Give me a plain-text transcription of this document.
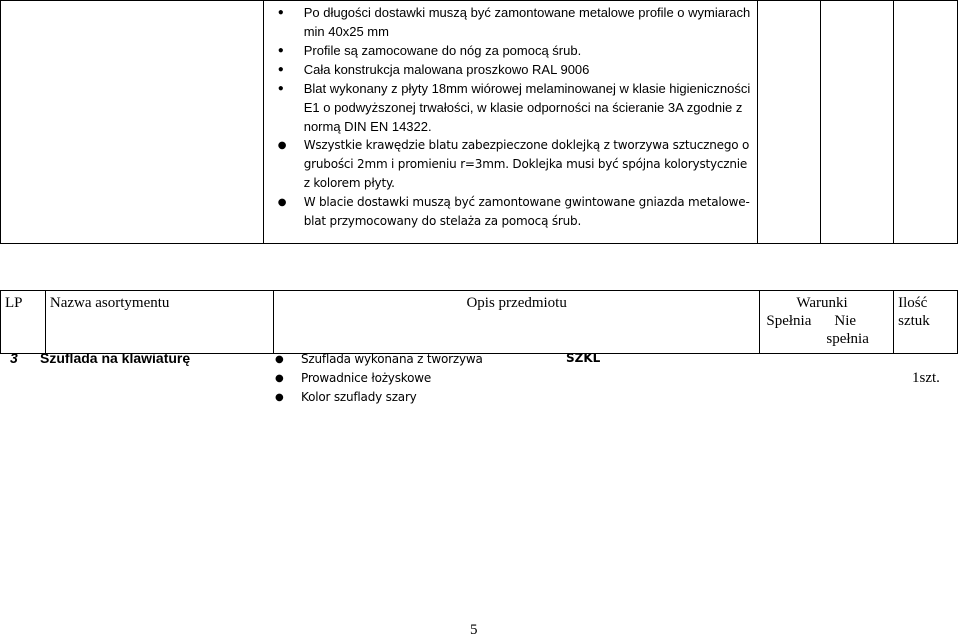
● Po długości dostawki muszą być zamontowane metalowe profile o wymiarach min 40x25 mm
● Profile są zamocowane do nóg za pomocą śrub.
● Cała konstrukcja malowana proszkowo RAL 9006
● Blat wykonany z płyty 18mm wiórowej melaminowanej w klasie higieniczności E1 o podwyższonej trwałości, w klasie odporności na ścieranie 3A zgodnie z normą DIN EN 14322.
● Wszystkie krawędzie blatu zabezpieczone doklejką z tworzywa sztucznego o grubości 2mm i promieniu r=3mm. Doklejka musi być spójna kolorystycznie z kolorem płyty.
● W blacie dostawki muszą być zamontowane gwintowane gniazda metalowe- blat przymocowany do stelaża za pomocą śrub.

LP	Nazwa asortymentu	Opis przedmiotu	Warunki
Spełnia Nie
spełnia

Ilość
sztuk
3 Szuflada na klawiaturę
●	Szuflada wykonana z tworzywa
● Prowadnice łożyskowe
● Kolor szuflady szary
SZKL
1szt.
5
